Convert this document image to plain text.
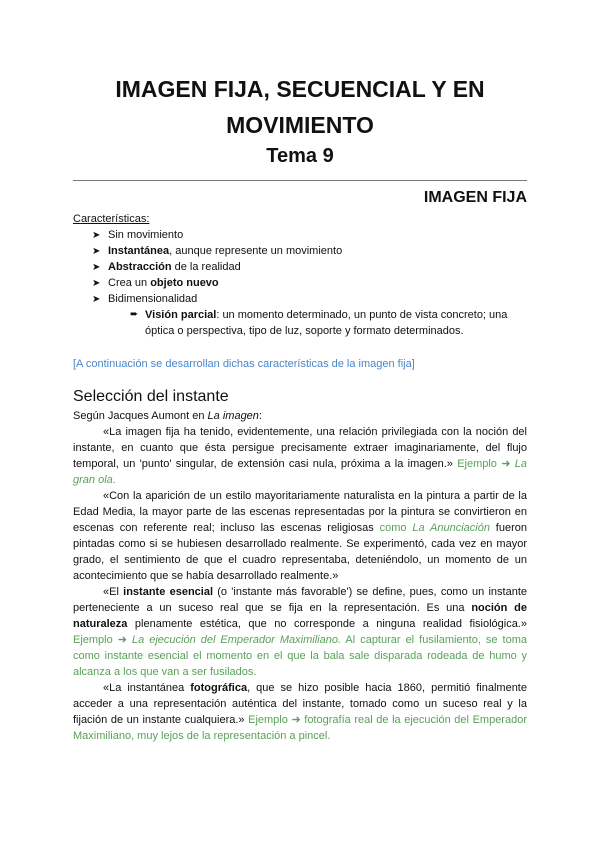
IMAGEN FIJA, SECUENCIAL Y EN
MOVIMIENTO
Tema 9
IMAGEN FIJA
Características:
➤ Sin movimiento
➤ Instantánea, aunque represente un movimiento
➤ Abstracción de la realidad
➤ Crea un objeto nuevo
➤ Bidimensionalidad
➨ Visión parcial: un momento determinado, un punto de vista concreto; una
óptica o perspectiva, tipo de luz, soporte y formato determinados.
[A continuación se desarrollan dichas características de la imagen fija]
Selección del instante
Según Jacques Aumont en La imagen:
«La imagen fija ha tenido, evidentemente, una relación privilegiada con la noción del
instante, en cuanto que ésta persigue precisamente extraer imaginariamente, del flujo
temporal, un 'punto' singular, de extensión casi nula, próxima a la imagen.» Ejemplo ➜ La
gran ola.
«Con la aparición de un estilo mayoritariamente naturalista en la pintura a partir de la
Edad Media, la mayor parte de las escenas representadas por la pintura se convirtieron en
escenas con referente real; incluso las escenas religiosas como La Anunciación fueron
pintadas como si se hubiesen desarrollado realmente. Se experimentó, cada vez en mayor
grado, el sentimiento de que el cuadro representaba, deteniéndolo, un momento de un
acontecimiento que se había desarrollado realmente.»
«El instante esencial (o 'instante más favorable') se define, pues, como un instante
perteneciente a un suceso real que se fija en la representación. Es una noción de
naturaleza plenamente estética, que no corresponde a ninguna realidad fisiológica.»
Ejemplo ➜ La ejecución del Emperador Maximiliano. Al capturar el fusilamiento, se toma
como instante esencial el momento en el que la bala sale disparada rodeada de humo y
alcanza a los que van a ser fusilados.
«La instantánea fotográfica, que se hizo posible hacia 1860, permitió finalmente
acceder a una representación auténtica del instante, tomado como un suceso real y la
fijación de un instante cualquiera.» Ejemplo ➜ fotografía real de la ejecución del Emperador
Maximiliano, muy lejos de la representación a pincel.
